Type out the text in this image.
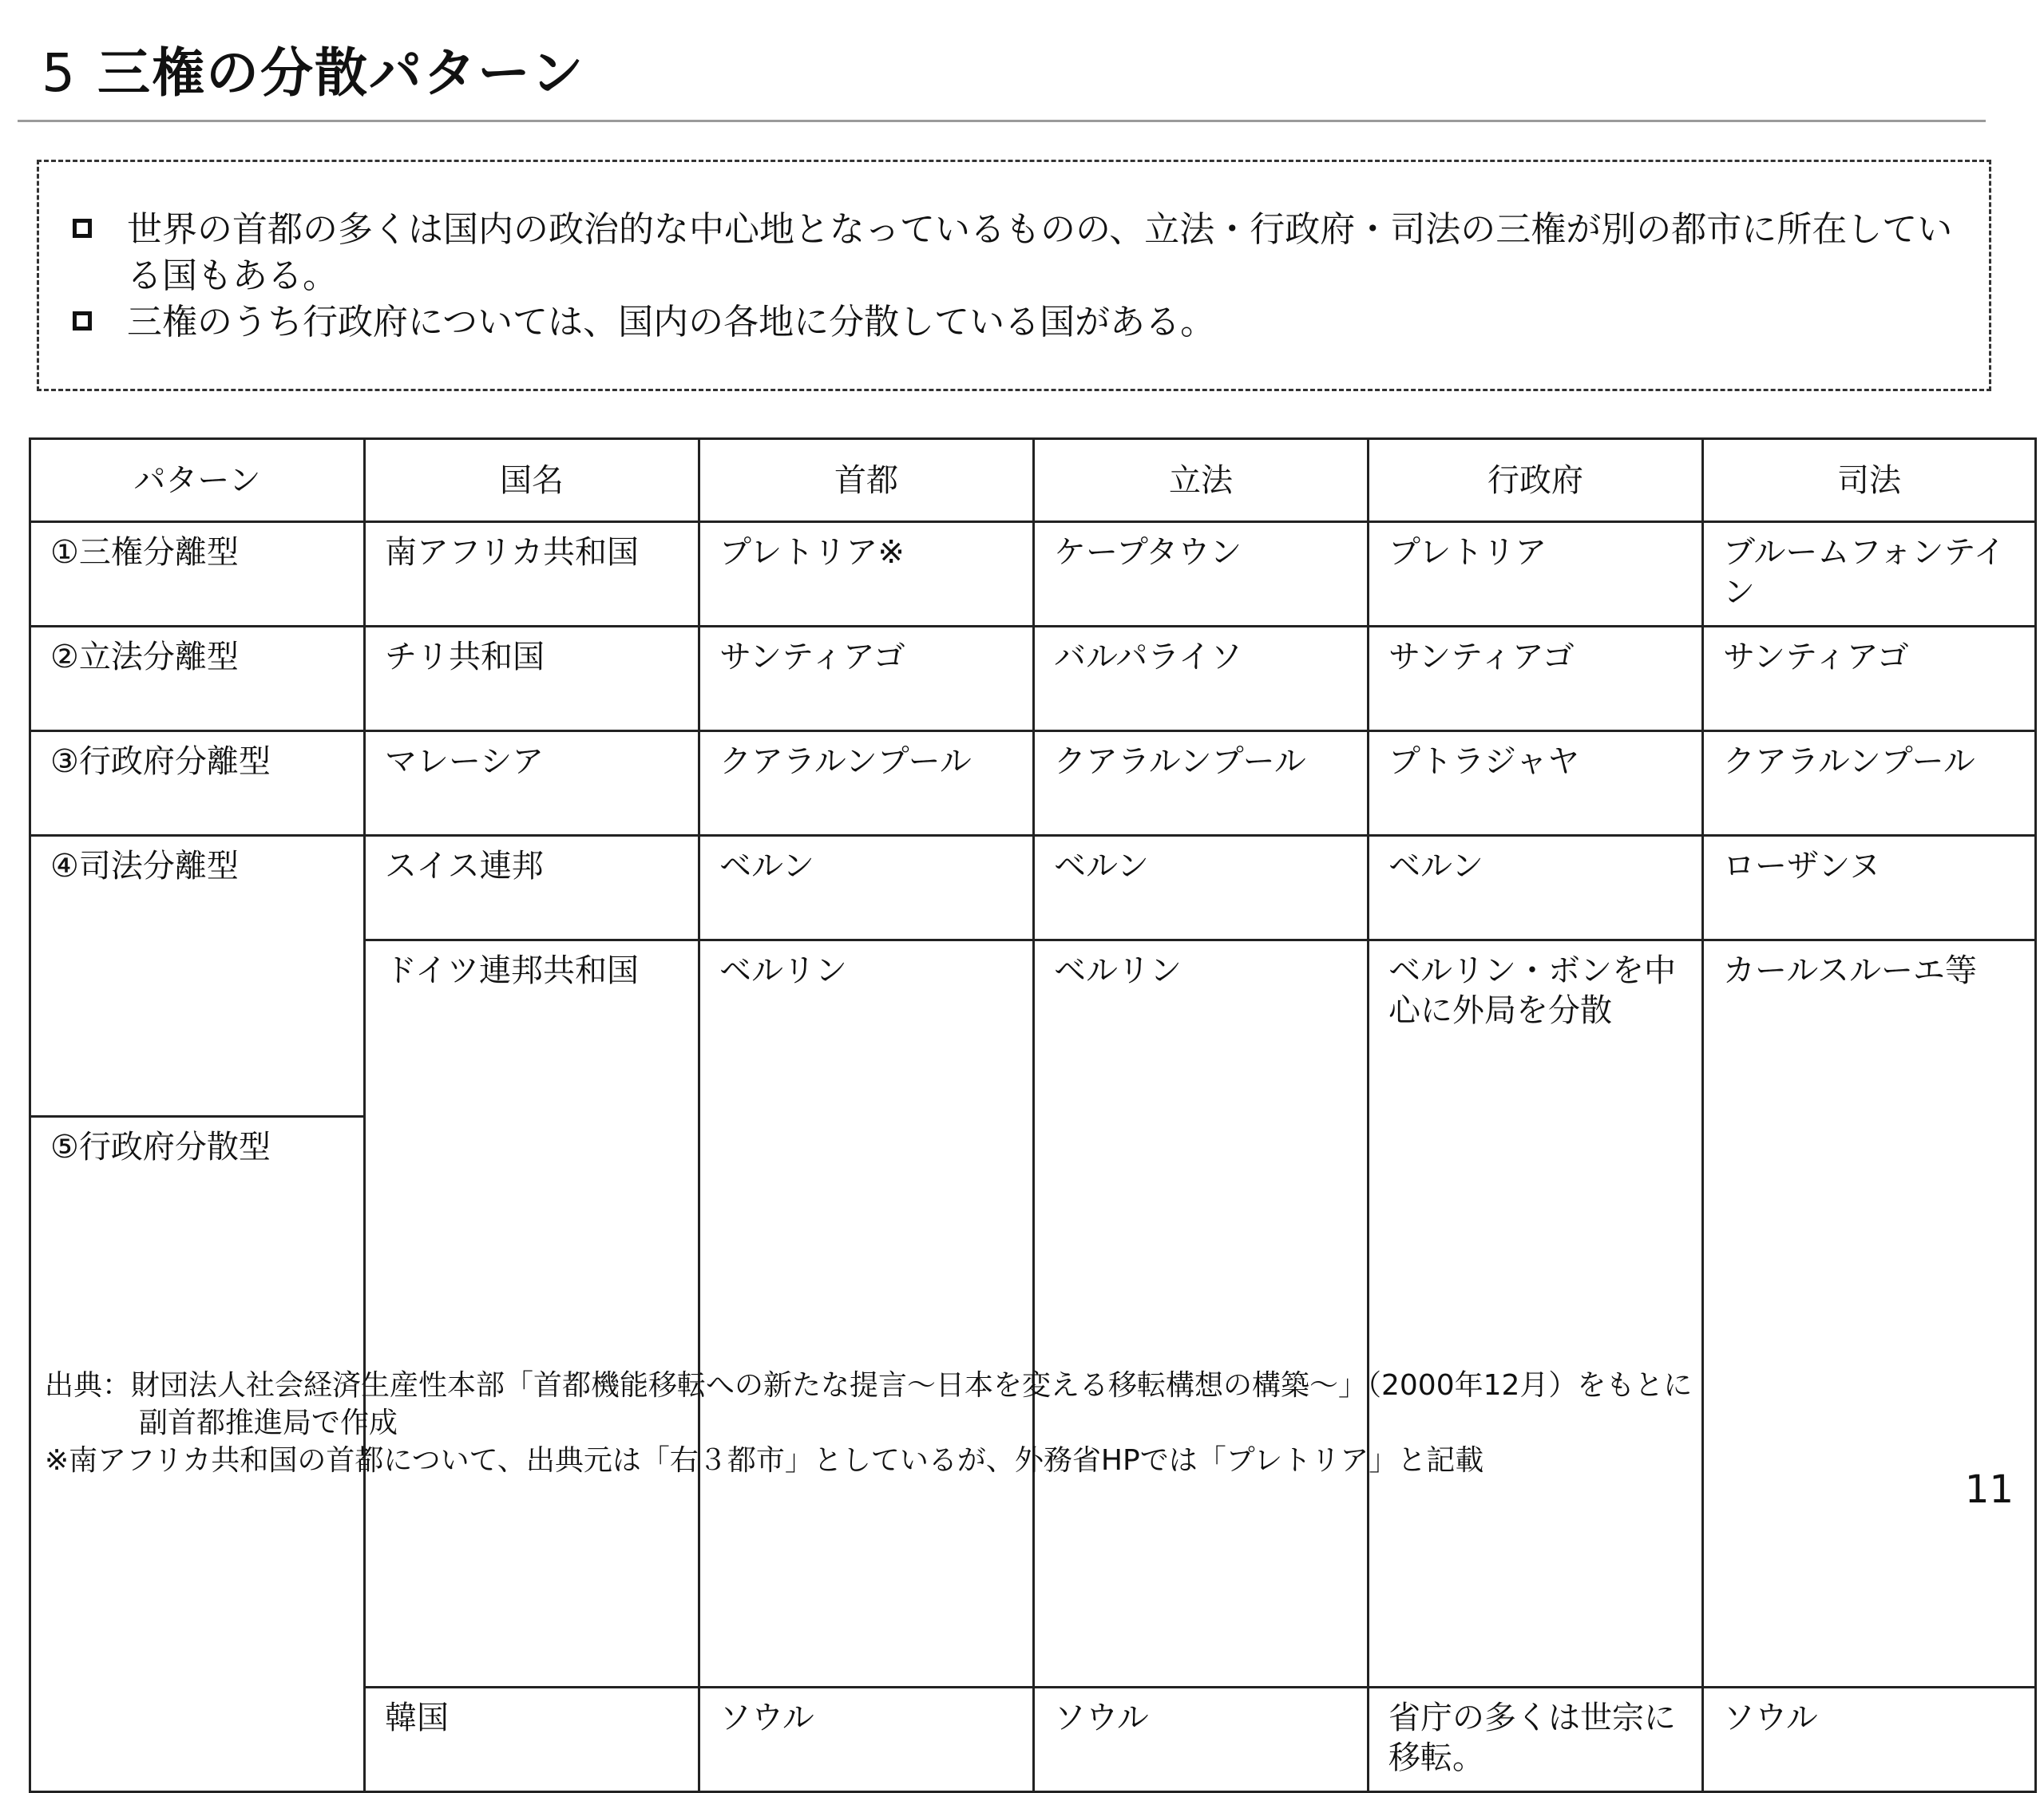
5 三権の分散パターン
世界の首都の多くは国内の政治的な中心地となっているものの、立法・行政府・司法の三権が別の都市に所在している国もある。
三権のうち行政府については、国内の各地に分散している国がある。
パターン	国名	首都	立法	行政府	司法	
①三権分離型	南アフリカ共和国	プレトリア※	ケープタウン	プレトリア	ブルームフォンテイン	
②立法分離型	チリ共和国	サンティアゴ	バルパライソ	サンティアゴ	サンティアゴ	
③行政府分離型	マレーシア	クアラルンプール	クアラルンプール	プトラジャヤ	クアラルンプール	
④司法分離型	スイス連邦	ベルン	ベルン	ベルン	ローザンヌ	
	ドイツ連邦共和国	ベルリン	ベルリン	ベルリン・ボンを中心に外局を分散	カールスルーエ等	
⑤行政府分散型					
	韓国	ソウル	ソウル	省庁の多くは世宗に移転。	ソウル	
出典：財団法人社会経済生産性本部「首都機能移転への新たな提言～日本を変える移転構想の構築～」（2000年12月）をもとに
副首都推進局で作成
※南アフリカ共和国の首都について、出典元は「右３都市」としているが、外務省HPでは「プレトリア」と記載
11
